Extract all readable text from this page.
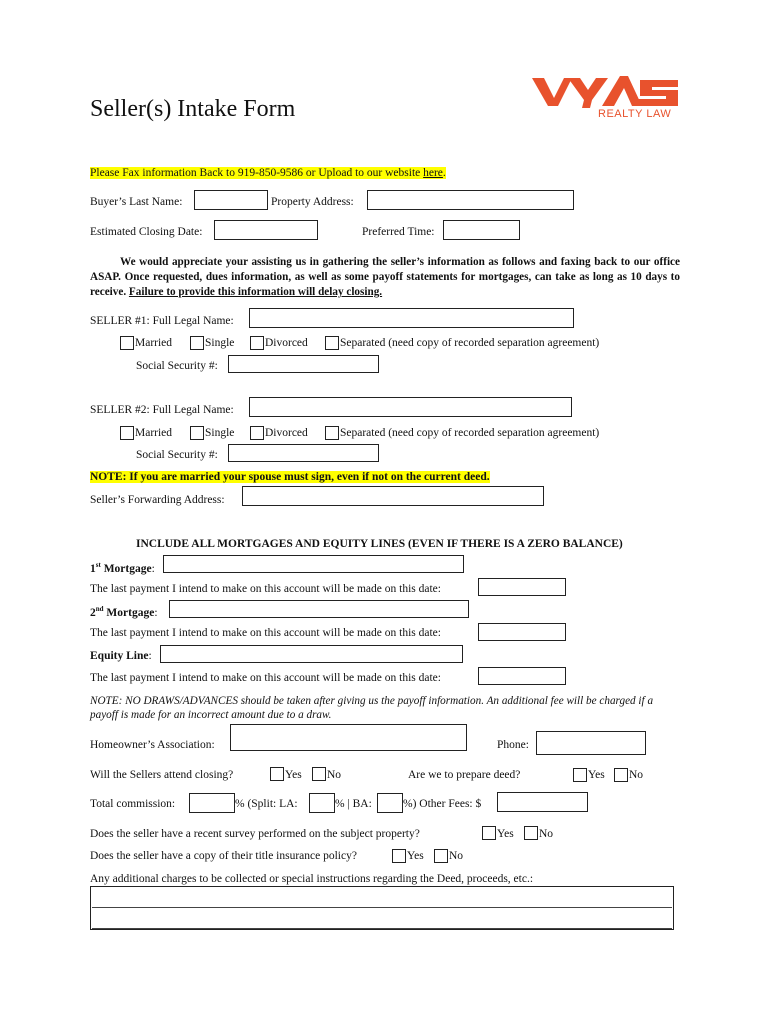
REALTY LAW
Seller(s) Intake Form
Please Fax information Back to 919-850-9586 or Upload to our website here.
Buyer’s Last Name:	Property Address:
Estimated Closing Date:	Preferred Time:
We would appreciate your assisting us in gathering the seller’s information as follows and faxing back to our office ASAP. Once requested, dues information, as well as some payoff statements for mortgages, can take as long as 10 days to receive. Failure to provide this information will delay closing.
SELLER #1: Full Legal Name:
Married	Single	Divorced	Separated (need copy of recorded separation agreement)
Social Security #:
SELLER #2: Full Legal Name:
Married	Single	Divorced	Separated (need copy of recorded separation agreement)
Social Security #:
NOTE: If you are married your spouse must sign, even if not on the current deed.
Seller’s Forwarding Address:
INCLUDE ALL MORTGAGES AND EQUITY LINES (EVEN IF THERE IS A ZERO BALANCE)
1st Mortgage:
The last payment I intend to make on this account will be made on this date:
2nd Mortgage:
The last payment I intend to make on this account will be made on this date:
Equity Line:
The last payment I intend to make on this account will be made on this date:
NOTE: NO DRAWS/ADVANCES should be taken after giving us the payoff information. An additional fee will be charged if a payoff is made for an incorrect amount due to a draw.
Homeowner’s Association:	Phone:
Will the Sellers attend closing?	Yes No	Are we to prepare deed?	Yes No
Total commission:	% (Split: LA:	% | BA:	%) Other Fees: $
Does the seller have a recent survey performed on the subject property?	Yes No
Does the seller have a copy of their title insurance policy?	Yes No
Any additional charges to be collected or special instructions regarding the Deed, proceeds, etc.:
